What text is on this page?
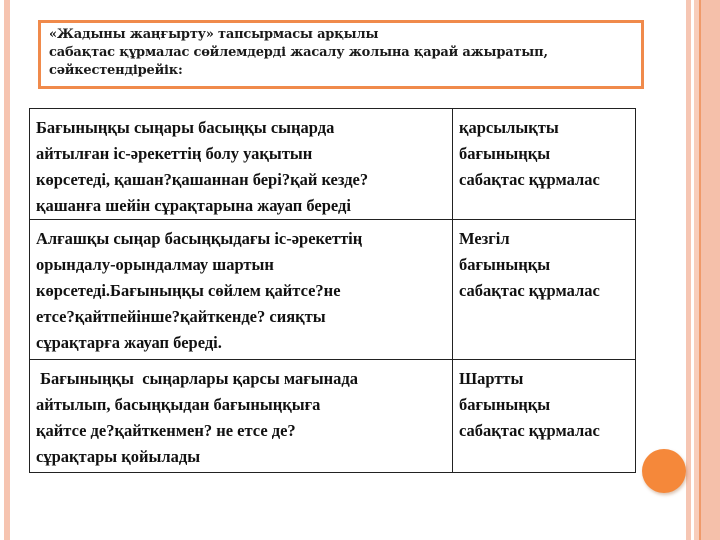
«Жадыны жаңғырту» тапсырмасы арқылы
сабақтас құрмалас сөйлемдерді жасалу жолына қарай ажыратып,
сәйкестендірейік:
Бағыныңқы сыңары басыңқы сыңарда
айтылған іс-әрекеттің болу уақытын
көрсетеді, қашан?қашаннан бері?қай кезде?
қашанға шейін сұрақтарына жауап береді	қарсылықты
бағыныңқы
сабақтас құрмалас

Алғашқы сыңар басыңқыдағы іс-әрекеттің
орындалу-орындалмау шартын
көрсетеді.Бағыныңқы сөйлем қайтсе?не
етсе?қайтпейінше?қайткенде? сияқты
сұрақтарға жауап береді.	Мезгіл
бағыныңқы
сабақтас құрмалас

Бағыныңқы  сыңарлары қарсы мағынада
айтылып, басыңқыдан бағыныңқыға
қайтсе де?қайткенмен? не етсе де?
сұрақтары қойылады	Шартты
бағыныңқы
сабақтас құрмалас
